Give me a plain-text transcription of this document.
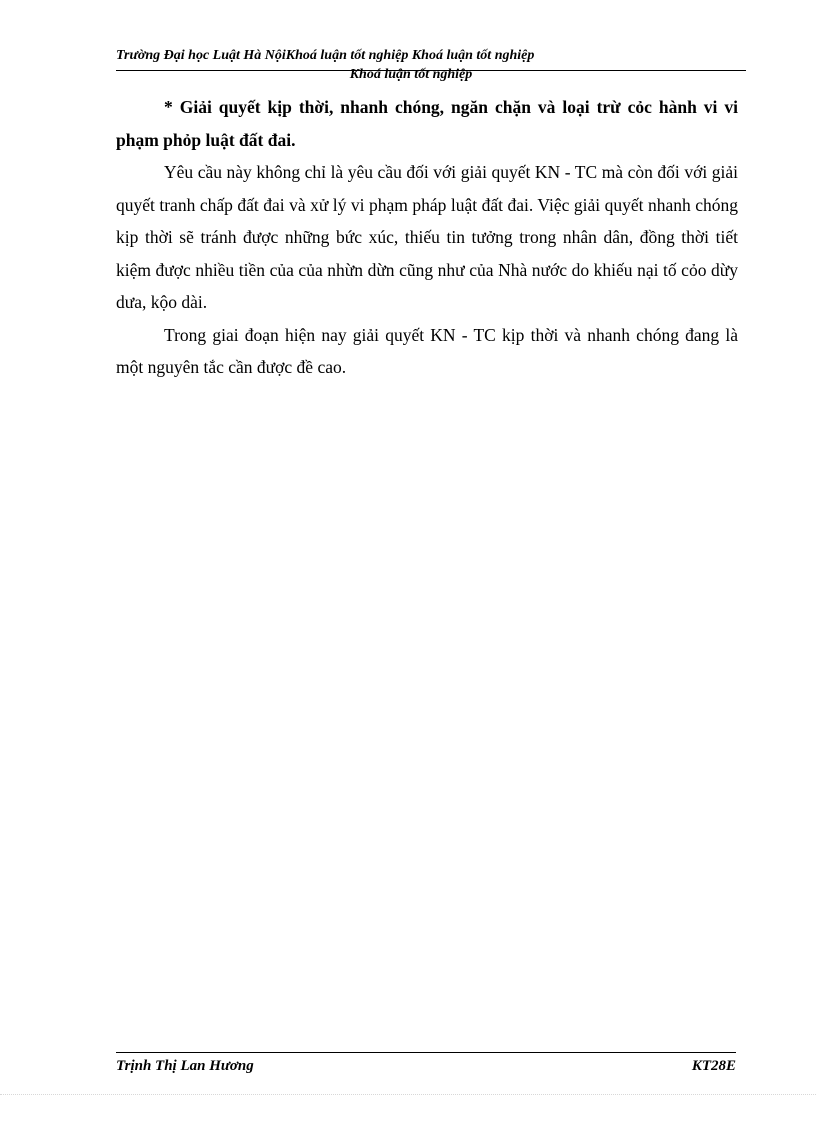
Trường Đại học Luật Hà NộiKhoá luận tốt nghiệp Khoá luận tốt nghiệp
Khoá luận tốt nghiệp

* Giải quyết kịp thời, nhanh chóng, ngăn chặn và loại trừ cỏc hành vi vi phạm phỏp luật đất đai.

Yêu cầu này không chỉ là yêu cầu đối với giải quyết KN - TC mà còn đối với giải quyết tranh chấp đất đai và xử lý vi phạm pháp luật đất đai. Việc giải quyết nhanh chóng kịp thời sẽ tránh được những bức xúc, thiếu tin tưởng trong nhân dân, đồng thời tiết kiệm được nhiều tiền của của nhừn dừn cũng như của Nhà nước do khiếu nại tố cỏo dừy dưa, kộo dài.

Trong giai đoạn hiện nay giải quyết KN - TC kịp thời và nhanh chóng đang là một nguyên tắc cần được đề cao.

Trịnh Thị Lan Hương	KT28E
